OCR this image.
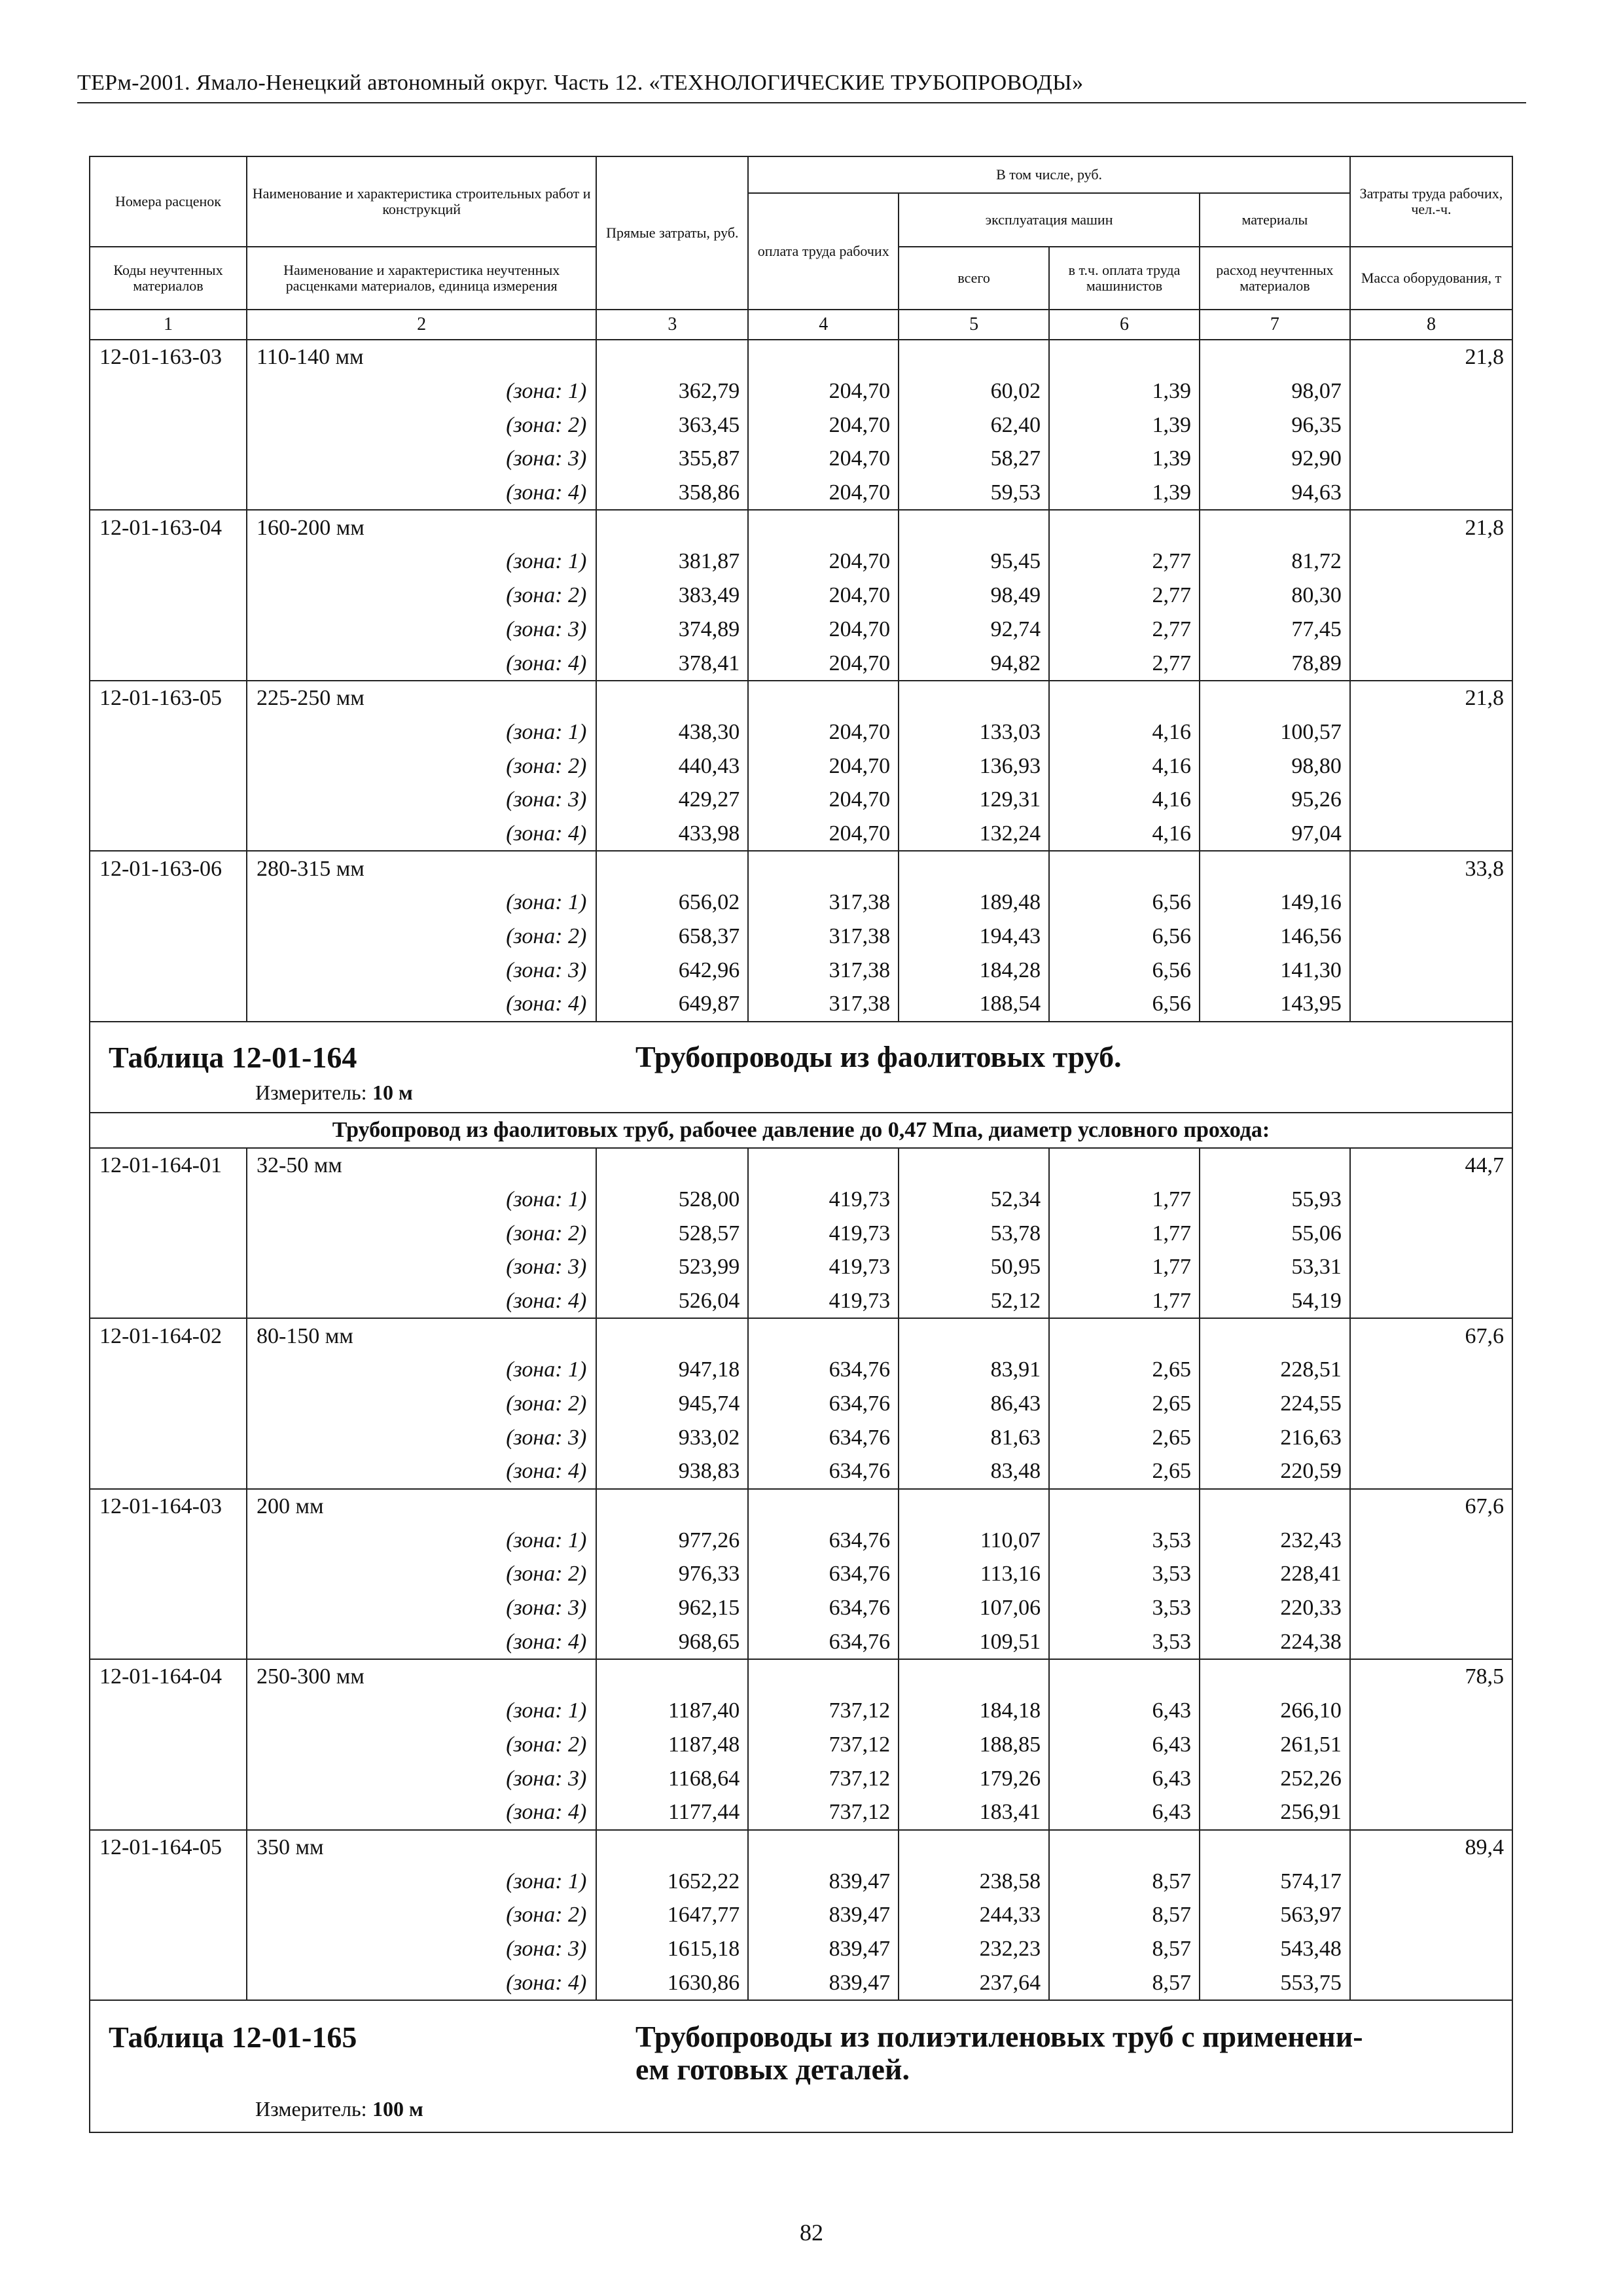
ТЕРм-2001. Ямало-Ненецкий автономный округ. Часть 12. «ТЕХНОЛОГИЧЕСКИЕ ТРУБОПРОВОДЫ»
Номера расценок	Наименование и характеристика строительных работ и конструкций	Прямые затраты, руб.	В том числе, руб.				Затраты труда рабочих, чел.-ч.
			оплата труда рабочих	эксплуатация машин		материалы	
Коды неучтенных материалов	Наименование и характеристика неучтенных расценками материалов, единица измерения			всего	в т.ч. оплата труда машинистов	расход неучтенных материалов	Масса оборудования, т
1	2	3	4	5	6	7	8
12-01-163-03	110-140 мм						21,8
	(зона: 1)	362,79	204,70	60,02	1,39	98,07	
	(зона: 2)	363,45	204,70	62,40	1,39	96,35	
	(зона: 3)	355,87	204,70	58,27	1,39	92,90	
	(зона: 4)	358,86	204,70	59,53	1,39	94,63	
12-01-163-04	160-200 мм						21,8
	(зона: 1)	381,87	204,70	95,45	2,77	81,72	
	(зона: 2)	383,49	204,70	98,49	2,77	80,30	
	(зона: 3)	374,89	204,70	92,74	2,77	77,45	
	(зона: 4)	378,41	204,70	94,82	2,77	78,89	
12-01-163-05	225-250 мм						21,8
	(зона: 1)	438,30	204,70	133,03	4,16	100,57	
	(зона: 2)	440,43	204,70	136,93	4,16	98,80	
	(зона: 3)	429,27	204,70	129,31	4,16	95,26	
	(зона: 4)	433,98	204,70	132,24	4,16	97,04	
12-01-163-06	280-315 мм						33,8
	(зона: 1)	656,02	317,38	189,48	6,56	149,16	
	(зона: 2)	658,37	317,38	194,43	6,56	146,56	
	(зона: 3)	642,96	317,38	184,28	6,56	141,30	
	(зона: 4)	649,87	317,38	188,54	6,56	143,95	

Таблица 12-01-164 Трубопроводы из фаолитовых труб.							

Измеритель: 10 м							
Трубопровод из фаолитовых труб, рабочее давление до 0,47 Мпа, диаметр условного прохода:							
12-01-164-01	32-50 мм						44,7
	(зона: 1)	528,00	419,73	52,34	1,77	55,93	
	(зона: 2)	528,57	419,73	53,78	1,77	55,06	
	(зона: 3)	523,99	419,73	50,95	1,77	53,31	
	(зона: 4)	526,04	419,73	52,12	1,77	54,19	
12-01-164-02	80-150 мм						67,6
	(зона: 1)	947,18	634,76	83,91	2,65	228,51	
	(зона: 2)	945,74	634,76	86,43	2,65	224,55	
	(зона: 3)	933,02	634,76	81,63	2,65	216,63	
	(зона: 4)	938,83	634,76	83,48	2,65	220,59	
12-01-164-03	200 мм						67,6
	(зона: 1)	977,26	634,76	110,07	3,53	232,43	
	(зона: 2)	976,33	634,76	113,16	3,53	228,41	
	(зона: 3)	962,15	634,76	107,06	3,53	220,33	
	(зона: 4)	968,65	634,76	109,51	3,53	224,38	
12-01-164-04	250-300 мм						78,5
	(зона: 1)	1187,40	737,12	184,18	6,43	266,10	
	(зона: 2)	1187,48	737,12	188,85	6,43	261,51	
	(зона: 3)	1168,64	737,12	179,26	6,43	252,26	
	(зона: 4)	1177,44	737,12	183,41	6,43	256,91	
12-01-164-05	350 мм						89,4
	(зона: 1)	1652,22	839,47	238,58	8,57	574,17	
	(зона: 2)	1647,77	839,47	244,33	8,57	563,97	
	(зона: 3)	1615,18	839,47	232,23	8,57	543,48	
	(зона: 4)	1630,86	839,47	237,64	8,57	553,75	

Таблица 12-01-165 Трубопроводы из полиэтиленовых труб с применени-
ем готовых деталей.							

Измеритель: 100 м							
82
